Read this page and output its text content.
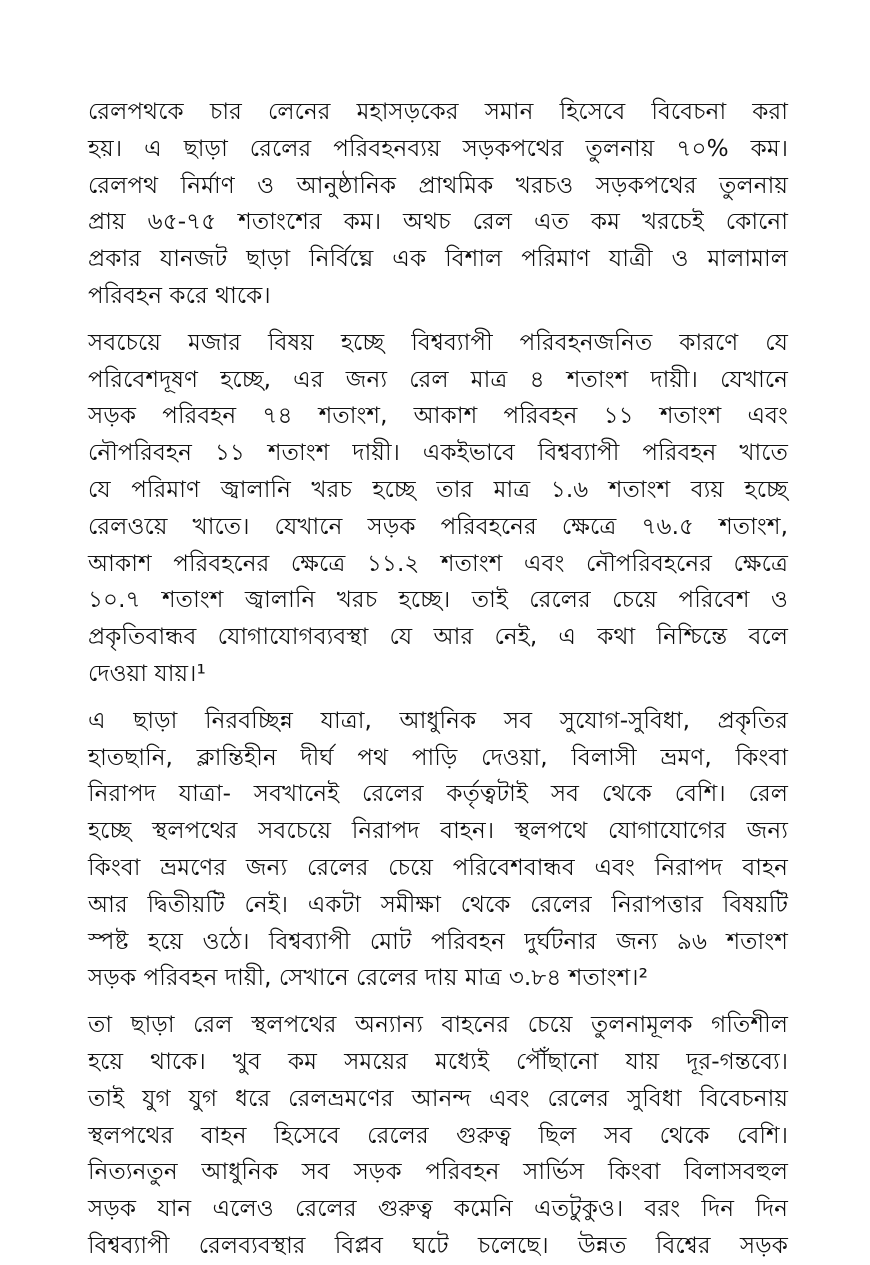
রেলপথকে চার লেনের মহাসড়কের সমান হিসেবে বিবেচনা করা
হয়। এ ছাড়া রেলের পরিবহনব্যয় সড়কপথের তুলনায় ৭০% কম।
রেলপথ নির্মাণ ও আনুষ্ঠানিক প্রাথমিক খরচও সড়কপথের তুলনায়
প্রায় ৬৫-৭৫ শতাংশের কম। অথচ রেল এত কম খরচেই কোনো
প্রকার যানজট ছাড়া নির্বিঘ্নে এক বিশাল পরিমাণ যাত্রী ও মালামাল
পরিবহন করে থাকে।
সবচেয়ে মজার বিষয় হচ্ছে বিশ্বব্যাপী পরিবহনজনিত কারণে যে
পরিবেশদূষণ হচ্ছে, এর জন্য রেল মাত্র ৪ শতাংশ দায়ী। যেখানে
সড়ক পরিবহন ৭৪ শতাংশ, আকাশ পরিবহন ১১ শতাংশ এবং
নৌপরিবহন ১১ শতাংশ দায়ী। একইভাবে বিশ্বব্যাপী পরিবহন খাতে
যে পরিমাণ জ্বালানি খরচ হচ্ছে তার মাত্র ১.৬ শতাংশ ব্যয় হচ্ছে
রেলওয়ে খাতে। যেখানে সড়ক পরিবহনের ক্ষেত্রে ৭৬.৫ শতাংশ,
আকাশ পরিবহনের ক্ষেত্রে ১১.২ শতাংশ এবং নৌপরিবহনের ক্ষেত্রে
১০.৭ শতাংশ জ্বালানি খরচ হচ্ছে। তাই রেলের চেয়ে পরিবেশ ও
প্রকৃতিবান্ধব যোগাযোগব্যবস্থা যে আর নেই, এ কথা নিশ্চিন্তে বলে
দেওয়া যায়।¹
এ ছাড়া নিরবচ্ছিন্ন যাত্রা, আধুনিক সব সুযোগ-সুবিধা, প্রকৃতির
হাতছানি, ক্লান্তিহীন দীর্ঘ পথ পাড়ি দেওয়া, বিলাসী ভ্রমণ, কিংবা
নিরাপদ যাত্রা- সবখানেই রেলের কর্তৃত্বটাই সব থেকে বেশি। রেল
হচ্ছে স্থলপথের সবচেয়ে নিরাপদ বাহন। স্থলপথে যোগাযোগের জন্য
কিংবা ভ্রমণের জন্য রেলের চেয়ে পরিবেশবান্ধব এবং নিরাপদ বাহন
আর দ্বিতীয়টি নেই। একটা সমীক্ষা থেকে রেলের নিরাপত্তার বিষয়টি
স্পষ্ট হয়ে ওঠে। বিশ্বব্যাপী মোট পরিবহন দুর্ঘটনার জন্য ৯৬ শতাংশ
সড়ক পরিবহন দায়ী, সেখানে রেলের দায় মাত্র ৩.৮৪ শতাংশ।²
তা ছাড়া রেল স্থলপথের অন্যান্য বাহনের চেয়ে তুলনামূলক গতিশীল
হয়ে থাকে। খুব কম সময়ের মধ্যেই পৌঁছানো যায় দূর-গন্তব্যে।
তাই যুগ যুগ ধরে রেলভ্রমণের আনন্দ এবং রেলের সুবিধা বিবেচনায়
স্থলপথের বাহন হিসেবে রেলের গুরুত্ব ছিল সব থেকে বেশি।
নিত্যনতুন আধুনিক সব সড়ক পরিবহন সার্ভিস কিংবা বিলাসবহুল
সড়ক যান এলেও রেলের গুরুত্ব কমেনি এতটুকুও। বরং দিন দিন
বিশ্বব্যাপী রেলব্যবস্থার বিপ্লব ঘটে চলেছে। উন্নত বিশ্বের সড়ক
